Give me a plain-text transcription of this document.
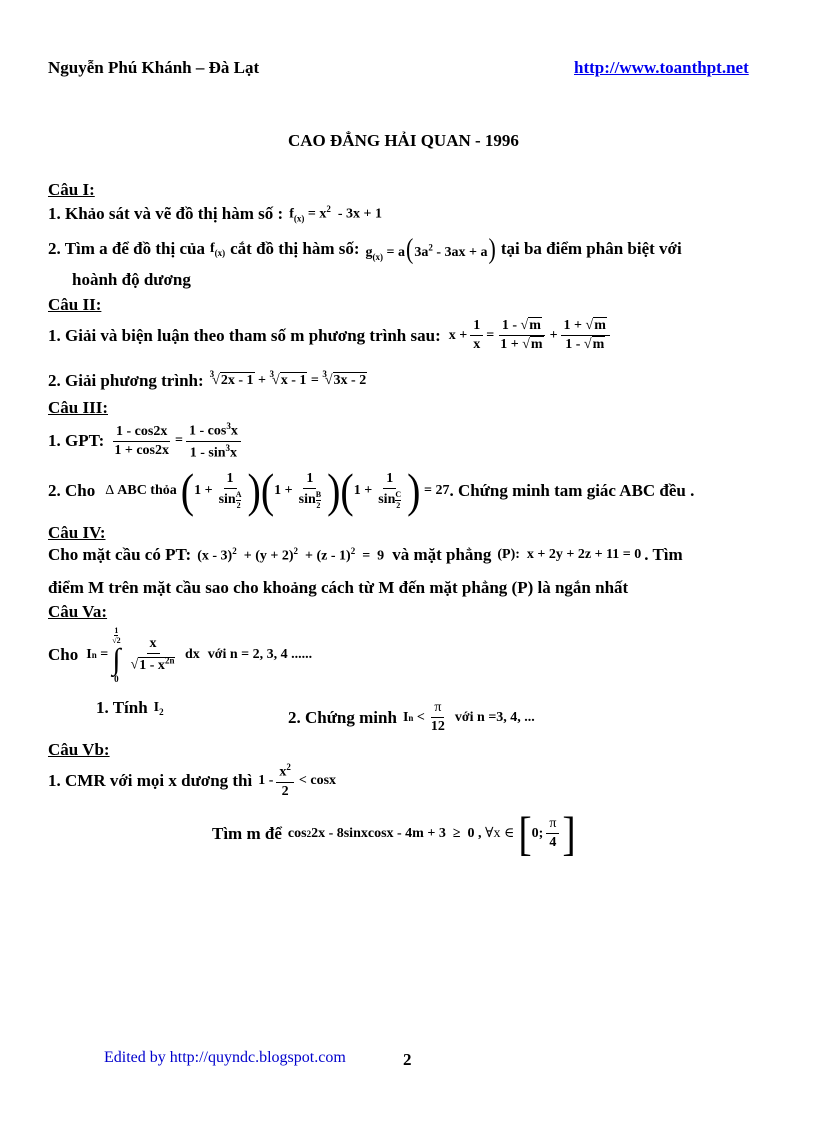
Nguyễn Phú Khánh – Đà Lạt	http://www.toanthpt.net
CAO ĐẲNG HẢI QUAN - 1996
Câu I:
1. Khảo sát và vẽ đồ thị hàm số : $f_{(x)} = x^2 - 3x + 1$
2. Tìm a để đồ thị của $f_{(x)}$ cắt đồ thị hàm số: $g_{(x)} = a(3a^2 - 3ax + a)$ tại ba điểm phân biệt với
hoành độ dương
Câu II:
1. Giải và biện luận theo tham số m phương trình sau: $x + \frac{1}{x} = \frac{1 - √m}{1 + √m} + \frac{1 + √m}{1 - √m}$
2. Giải phương trình: $^3$√2x - 1 + $^3$√x - 1 = $^3$√3x - 2
Câu III:
1. GPT: $\frac{1 - \cos 2x}{1 + \cos 2x} = \frac{1 - \cos^3x}{1 - \sin^3x}$
2. Cho Δ ABC thỏa ( $1 + \frac{1}{\sin \frac{A}{2}}$ ) ( $1 + \frac{1}{\sin \frac{B}{2}}$ ) ( $1 + \frac{1}{\sin \frac{C}{2}}$ ) = 27 . Chứng minh tam giác ABC đều .
Câu IV:
Cho mặt cầu có PT: $(x - 3)^2 + (y + 2)^2 + (z - 1)^2 = 9$ và mặt phẳng (P):  x + 2y + 2z + 11 = 0 . Tìm
điểm M trên mặt cầu sao cho khoảng cách từ M đến mặt phẳng (P) là ngắn nhất
Câu Va:
Cho I n =
$\frac{1}{√2}$
∫
0
$\frac{x}{√1 - x^{2n}}$ dx với n = 2, 3, 4 ......
1. Tính $I_2$	2. Chứng minh I $n < \frac{\pi}{12}$ với n =3, 4, ...
Câu Vb:
1. CMR với mọi x dương thì $1 - \frac{x^2}{2} < \cos x$
Tìm m để cos 2 2x - 8sinxcosx - 4m + 3  ≥  0 , ∀x ∈ [ 0; $\frac{\pi}{4}$ ]
Edited by http://quyndc.blogspot.com	2
